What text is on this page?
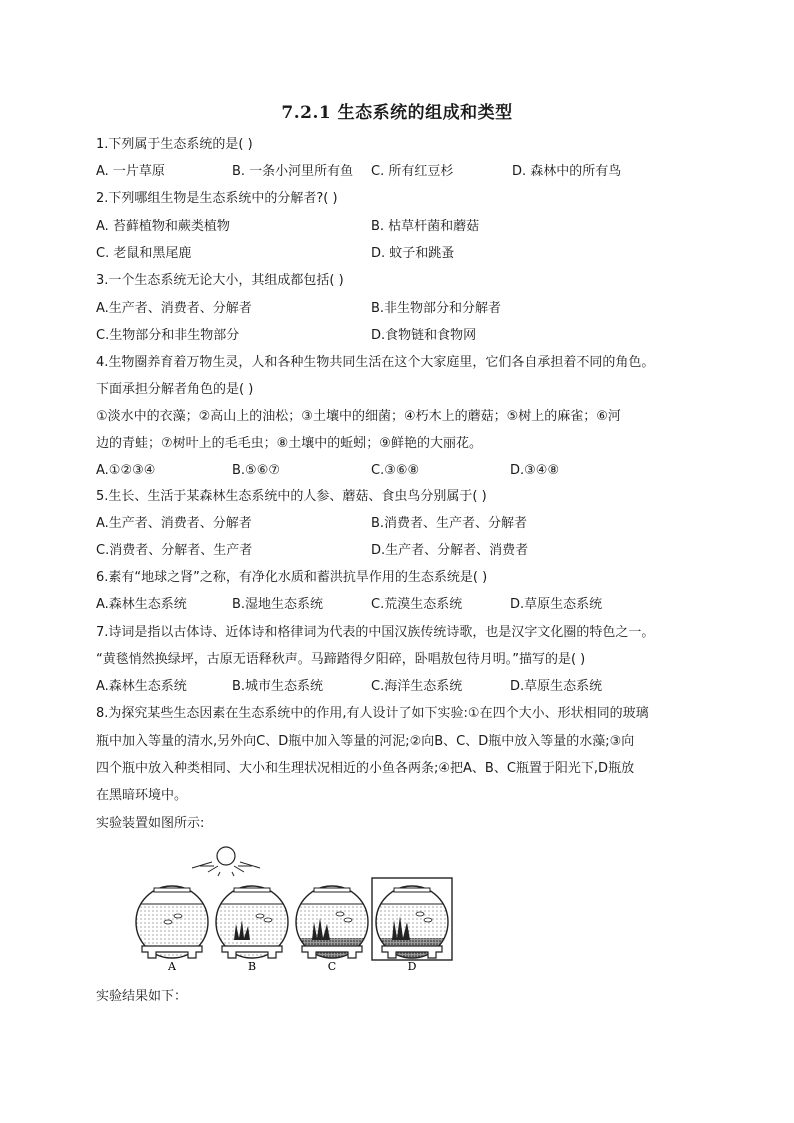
7.2.1 生态系统的组成和类型
1.下列属于生态系统的是( )
A. 一片草原	B. 一条小河里所有鱼 C. 所有红豆杉	D. 森林中的所有鸟
2.下列哪组生物是生态系统中的分解者?( )
A. 苔藓植物和蕨类植物	B. 枯草杆菌和蘑菇
C. 老鼠和黑尾鹿	D. 蚊子和跳蚤
3.一个生态系统无论大小，其组成都包括( )
A.生产者、消费者、分解者	B.非生物部分和分解者
C.生物部分和非生物部分	D.食物链和食物网
4.生物圈养育着万物生灵，人和各种生物共同生活在这个大家庭里，它们各自承担着不同的角色。
下面承担分解者角色的是( )
①淡水中的衣藻；②高山上的油松；③土壤中的细菌；④朽木上的蘑菇；⑤树上的麻雀；⑥河
边的青蛙；⑦树叶上的毛毛虫；⑧土壤中的蚯蚓；⑨鲜艳的大丽花。
A.①②③④	B.⑤⑥⑦	C.③⑥⑧	D.③④⑧
5.生长、生活于某森林生态系统中的人参、蘑菇、食虫鸟分别属于( )
A.生产者、消费者、分解者	B.消费者、生产者、分解者
C.消费者、分解者、生产者	D.生产者、分解者、消费者
6.素有“地球之肾”之称，有净化水质和蓄洪抗旱作用的生态系统是( )
A.森林生态系统	B.湿地生态系统	C.荒漠生态系统	D.草原生态系统
7.诗词是指以古体诗、近体诗和格律词为代表的中国汉族传统诗歌，也是汉字文化圈的特色之一。
“黄毯悄然换绿坪，古原无语释秋声。马蹄踏得夕阳碎，卧唱敖包待月明。”描写的是( )
A.森林生态系统	B.城市生态系统	C.海洋生态系统	D.草原生态系统
8.为探究某些生态因素在生态系统中的作用,有人设计了如下实验:①在四个大小、形状相同的玻璃
瓶中加入等量的清水,另外向C、D瓶中加入等量的河泥;②向B、C、D瓶中放入等量的水藻;③向
四个瓶中放入种类相同、大小和生理状况相近的小鱼各两条;④把A、B、C瓶置于阳光下,D瓶放
在黑暗环境中。
实验装置如图所示:
A	B	C	D
实验结果如下：
